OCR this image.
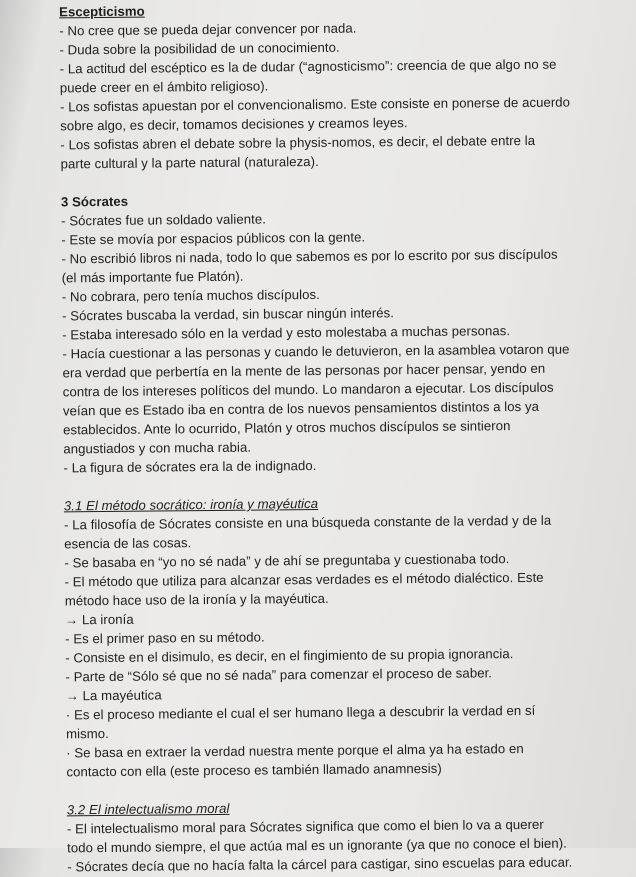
Escepticismo
- No cree que se pueda dejar convencer por nada.
- Duda sobre la posibilidad de un conocimiento.
- La actitud del escéptico es la de dudar (“agnosticismo”: creencia de que algo no se
puede creer en el ámbito religioso).
- Los sofistas apuestan por el convencionalismo. Este consiste en ponerse de acuerdo
sobre algo, es decir, tomamos decisiones y creamos leyes.
- Los sofistas abren el debate sobre la physis-nomos, es decir, el debate entre la
parte cultural y la parte natural (naturaleza).
3 Sócrates
- Sócrates fue un soldado valiente.
- Este se movía por espacios públicos con la gente.
- No escribió libros ni nada, todo lo que sabemos es por lo escrito por sus discípulos
(el más importante fue Platón).
- No cobrara, pero tenía muchos discípulos.
- Sócrates buscaba la verdad, sin buscar ningún interés.
- Estaba interesado sólo en la verdad y esto molestaba a muchas personas.
- Hacía cuestionar a las personas y cuando le detuvieron, en la asamblea votaron que
era verdad que perbertía en la mente de las personas por hacer pensar, yendo en
contra de los intereses políticos del mundo. Lo mandaron a ejecutar. Los discípulos
veían que es Estado iba en contra de los nuevos pensamientos distintos a los ya
establecidos. Ante lo ocurrido, Platón y otros muchos discípulos se sintieron
angustiados y con mucha rabia.
- La figura de sócrates era la de indignado.
3.1 El método socrático: ironía y mayéutica
- La filosofía de Sócrates consiste en una búsqueda constante de la verdad y de la
esencia de las cosas.
- Se basaba en “yo no sé nada” y de ahí se preguntaba y cuestionaba todo.
- El método que utiliza para alcanzar esas verdades es el método dialéctico. Este
método hace uso de la ironía y la mayéutica.
→ La ironía
- Es el primer paso en su método.
- Consiste en el disimulo, es decir, en el fingimiento de su propia ignorancia.
- Parte de “Sólo sé que no sé nada” para comenzar el proceso de saber.
→ La mayéutica
· Es el proceso mediante el cual el ser humano llega a descubrir la verdad en sí
mismo.
· Se basa en extraer la verdad nuestra mente porque el alma ya ha estado en
contacto con ella (este proceso es también llamado anamnesis)
3.2 El intelectualismo moral
- El intelectualismo moral para Sócrates significa que como el bien lo va a querer
todo el mundo siempre, el que actúa mal es un ignorante (ya que no conoce el bien).
- Sócrates decía que no hacía falta la cárcel para castigar, sino escuelas para educar.
